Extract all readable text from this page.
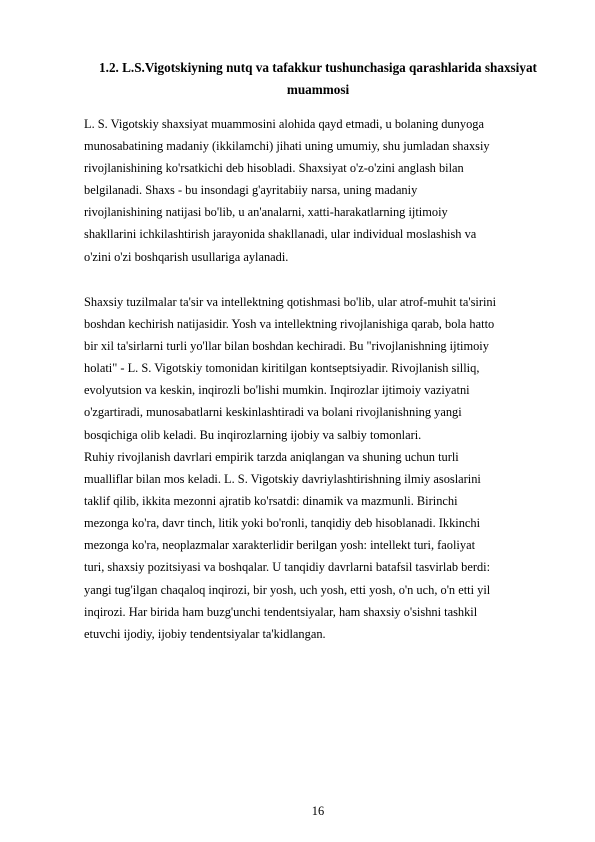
1.2. L.S.Vigotskiyning nutq va tafakkur tushunchasiga qarashlarida shaxsiyat muammosi

L. S. Vigotskiy shaxsiyat muammosini alohida qayd etmadi, u bolaning dunyoga
munosabatining madaniy (ikkilamchi) jihati uning umumiy, shu jumladan shaxsiy
rivojlanishining ko'rsatkichi deb hisobladi. Shaxsiyat o'z-o'zini anglash bilan
belgilanadi. Shaxs - bu insondagi g'ayritabiiy narsa, uning madaniy
rivojlanishining natijasi bo'lib, u an'analarni, xatti-harakatlarning ijtimoiy
shakllarini ichkilashtirish jarayonida shakllanadi, ular individual moslashish va
o'zini o'zi boshqarish usullariga aylanadi.

Shaxsiy tuzilmalar ta'sir va intellektning qotishmasi bo'lib, ular atrof-muhit ta'sirini
boshdan kechirish natijasidir. Yosh va intellektning rivojlanishiga qarab, bola hatto
bir xil ta'sirlarni turli yo'llar bilan boshdan kechiradi. Bu "rivojlanishning ijtimoiy
holati" - L. S. Vigotskiy tomonidan kiritilgan kontseptsiyadir. Rivojlanish silliq,
evolyutsion va keskin, inqirozli bo'lishi mumkin. Inqirozlar ijtimoiy vaziyatni
o'zgartiradi, munosabatlarni keskinlashtiradi va bolani rivojlanishning yangi
bosqichiga olib keladi. Bu inqirozlarning ijobiy va salbiy tomonlari.

Ruhiy rivojlanish davrlari empirik tarzda aniqlangan va shuning uchun turli
mualliflar bilan mos keladi. L. S. Vigotskiy davriylashtirishning ilmiy asoslarini
taklif qilib, ikkita mezonni ajratib ko'rsatdi: dinamik va mazmunli. Birinchi
mezonga ko'ra, davr tinch, litik yoki bo'ronli, tanqidiy deb hisoblanadi. Ikkinchi
mezonga ko'ra, neoplazmalar xarakterlidir berilgan yosh: intellekt turi, faoliyat
turi, shaxsiy pozitsiyasi va boshqalar. U tanqidiy davrlarni batafsil tasvirlab berdi:
yangi tug'ilgan chaqaloq inqirozi, bir yosh, uch yosh, etti yosh, o'n uch, o'n etti yil
inqirozi. Har birida ham buzg'unchi tendentsiyalar, ham shaxsiy o'sishni tashkil
etuvchi ijodiy, ijobiy tendentsiyalar ta'kidlangan.

16
